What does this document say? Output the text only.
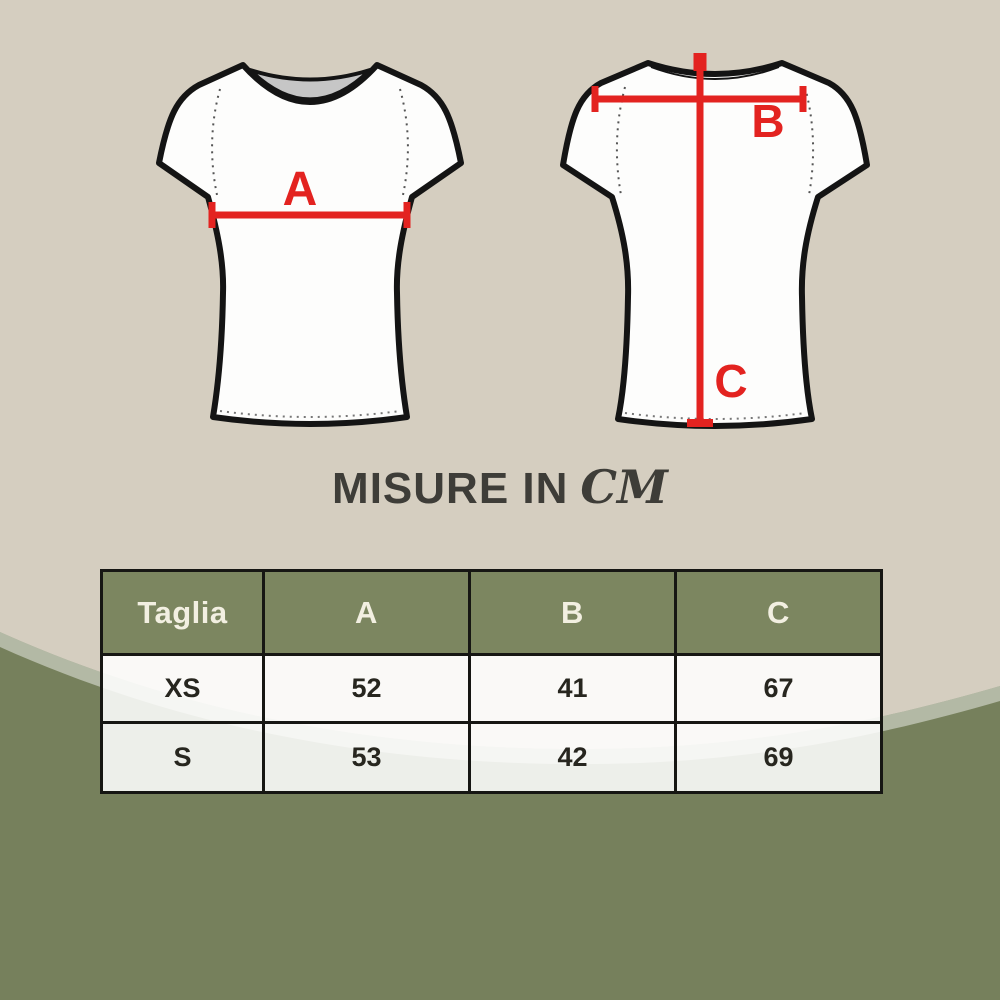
A
B
C
MISURE IN CM
Taglia	A	B	C
XS	52	41	67
S	53	42	69
